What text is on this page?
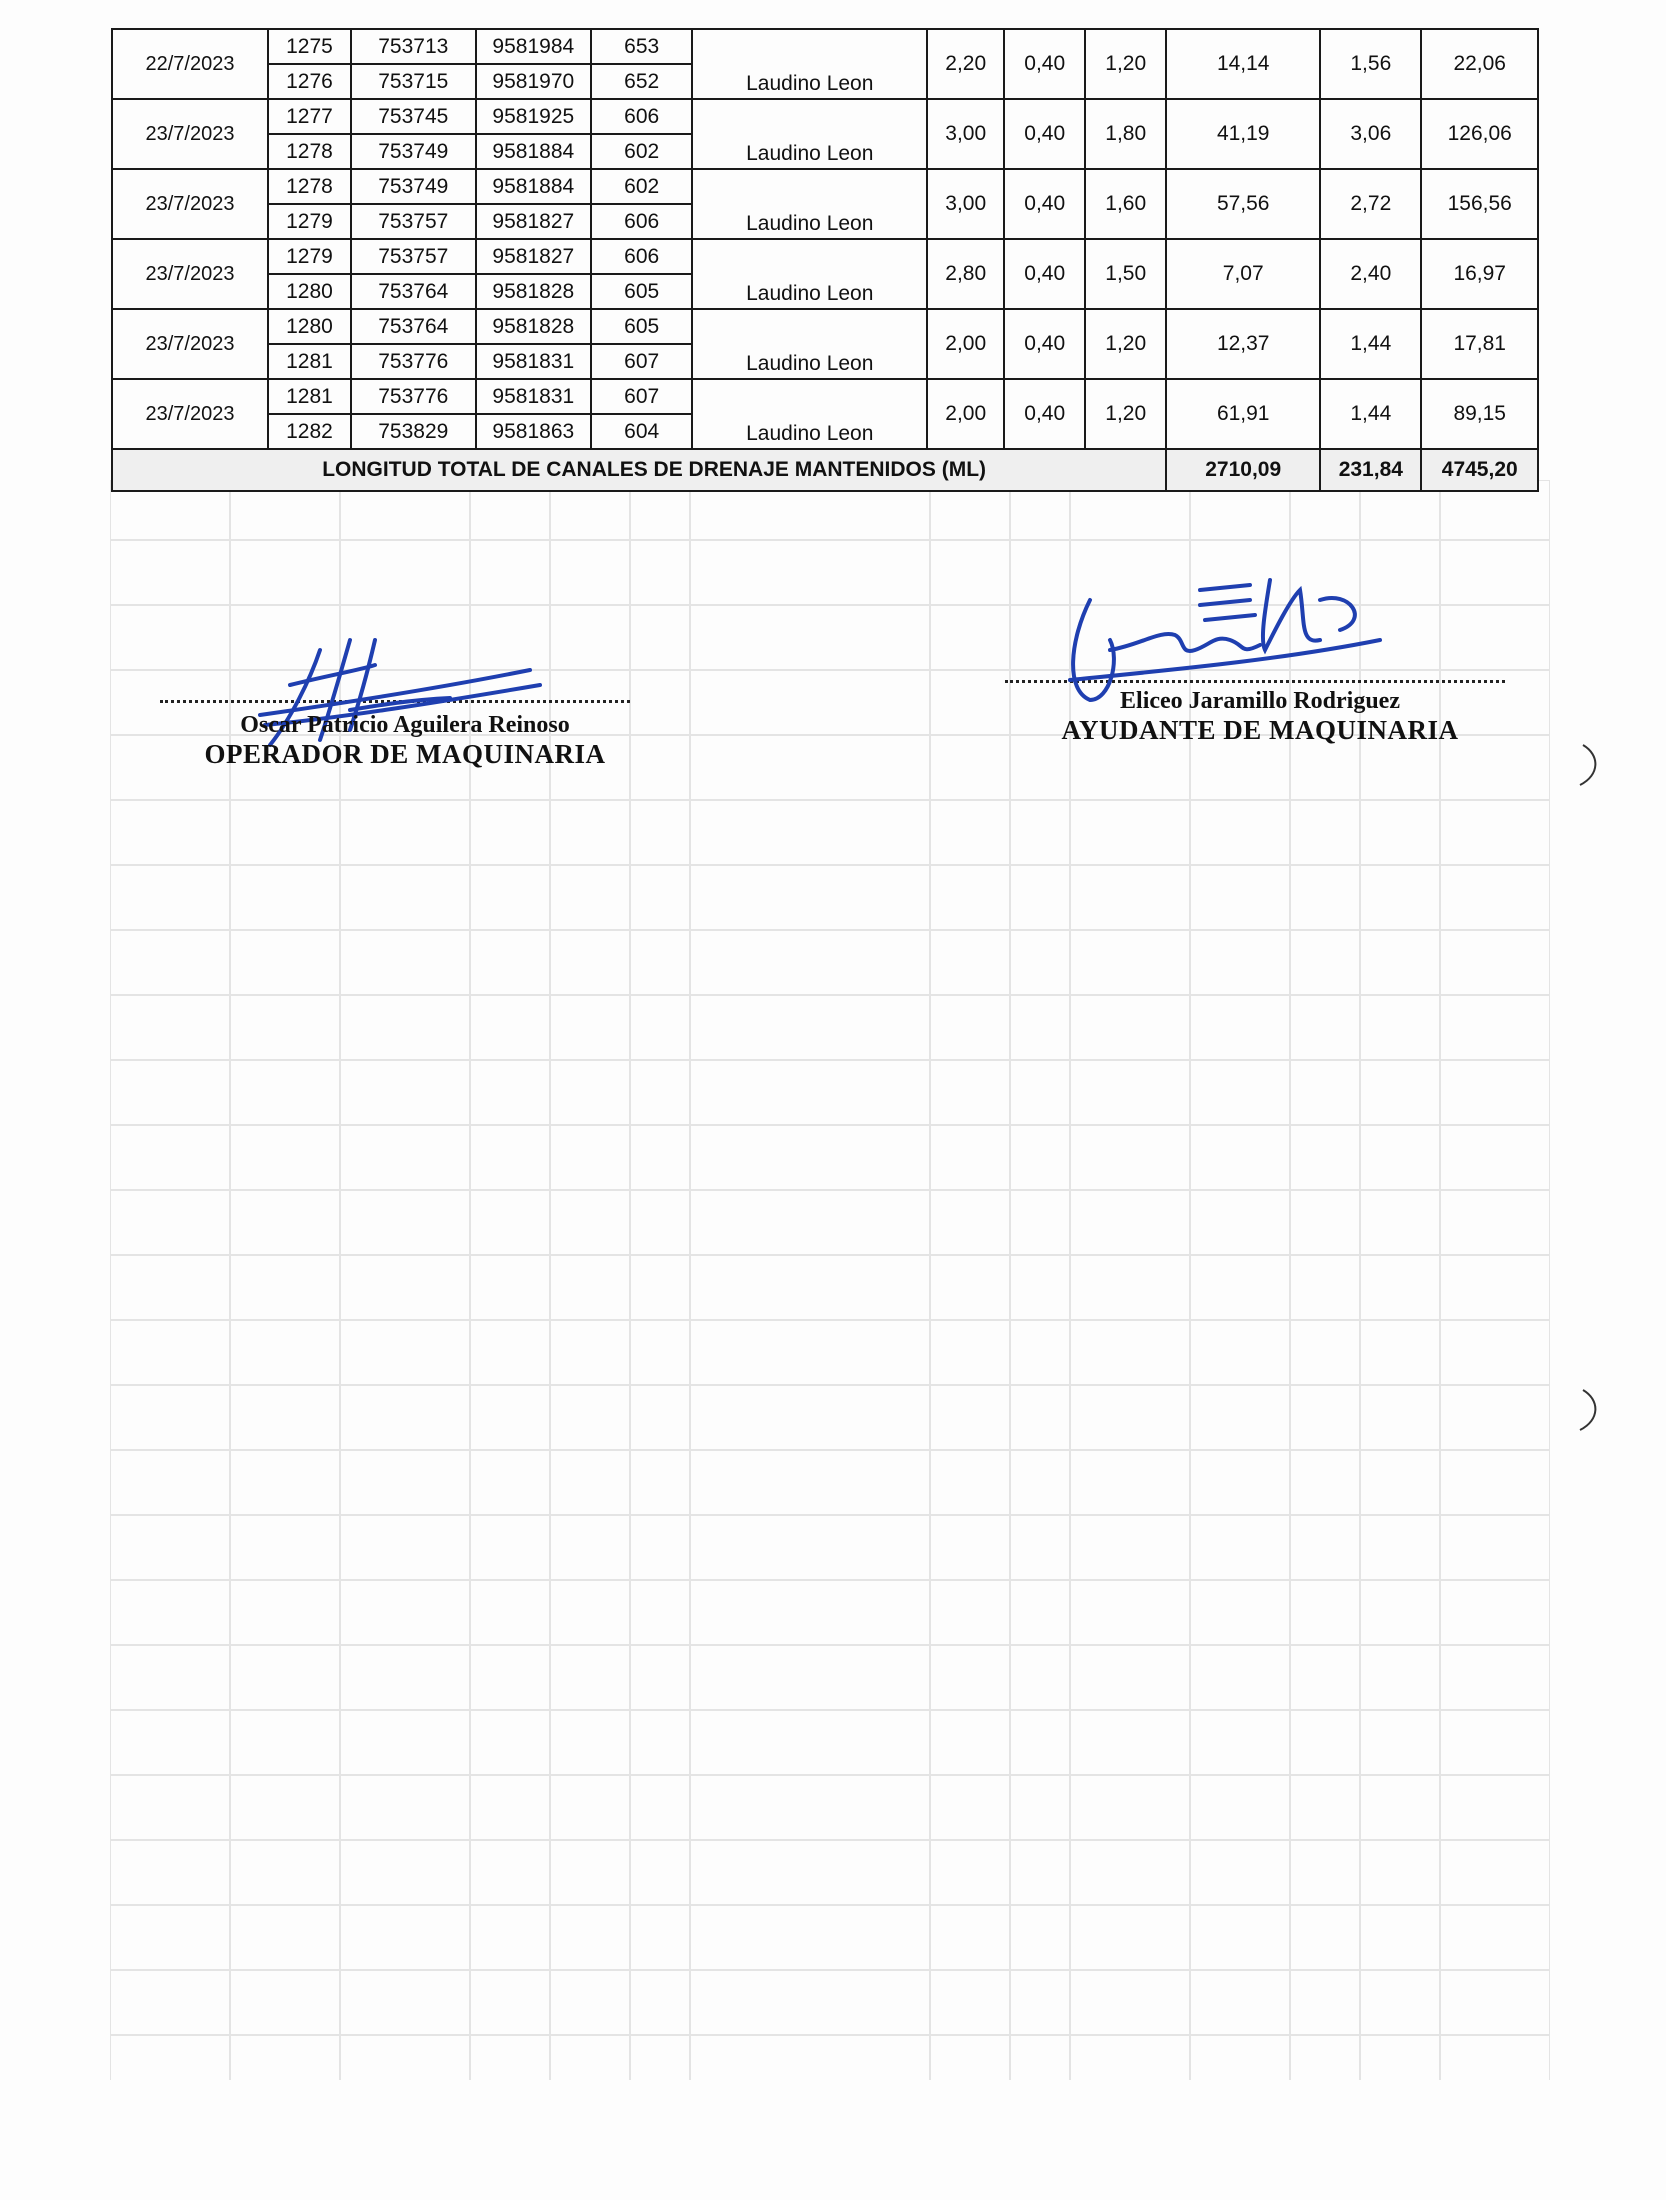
22/7/2023	1275	753713	9581984	653	Laudino Leon	2,20	0,40	1,20	14,14	1,56	22,06
	1276	753715	9581970	652							
23/7/2023	1277	753745	9581925	606	Laudino Leon	3,00	0,40	1,80	41,19	3,06	126,06
	1278	753749	9581884	602							
23/7/2023	1278	753749	9581884	602	Laudino Leon	3,00	0,40	1,60	57,56	2,72	156,56
	1279	753757	9581827	606							
23/7/2023	1279	753757	9581827	606	Laudino Leon	2,80	0,40	1,50	7,07	2,40	16,97
	1280	753764	9581828	605							
23/7/2023	1280	753764	9581828	605	Laudino Leon	2,00	0,40	1,20	12,37	1,44	17,81
	1281	753776	9581831	607							
23/7/2023	1281	753776	9581831	607	Laudino Leon	2,00	0,40	1,20	61,91	1,44	89,15
	1282	753829	9581863	604							
LONGITUD TOTAL DE CANALES DE DRENAJE MANTENIDOS (ML)									2710,09	231,84	4745,20
Oscar Patricio Aguilera Reinoso
OPERADOR DE MAQUINARIA
Eliceo Jaramillo Rodriguez
AYUDANTE DE MAQUINARIA
